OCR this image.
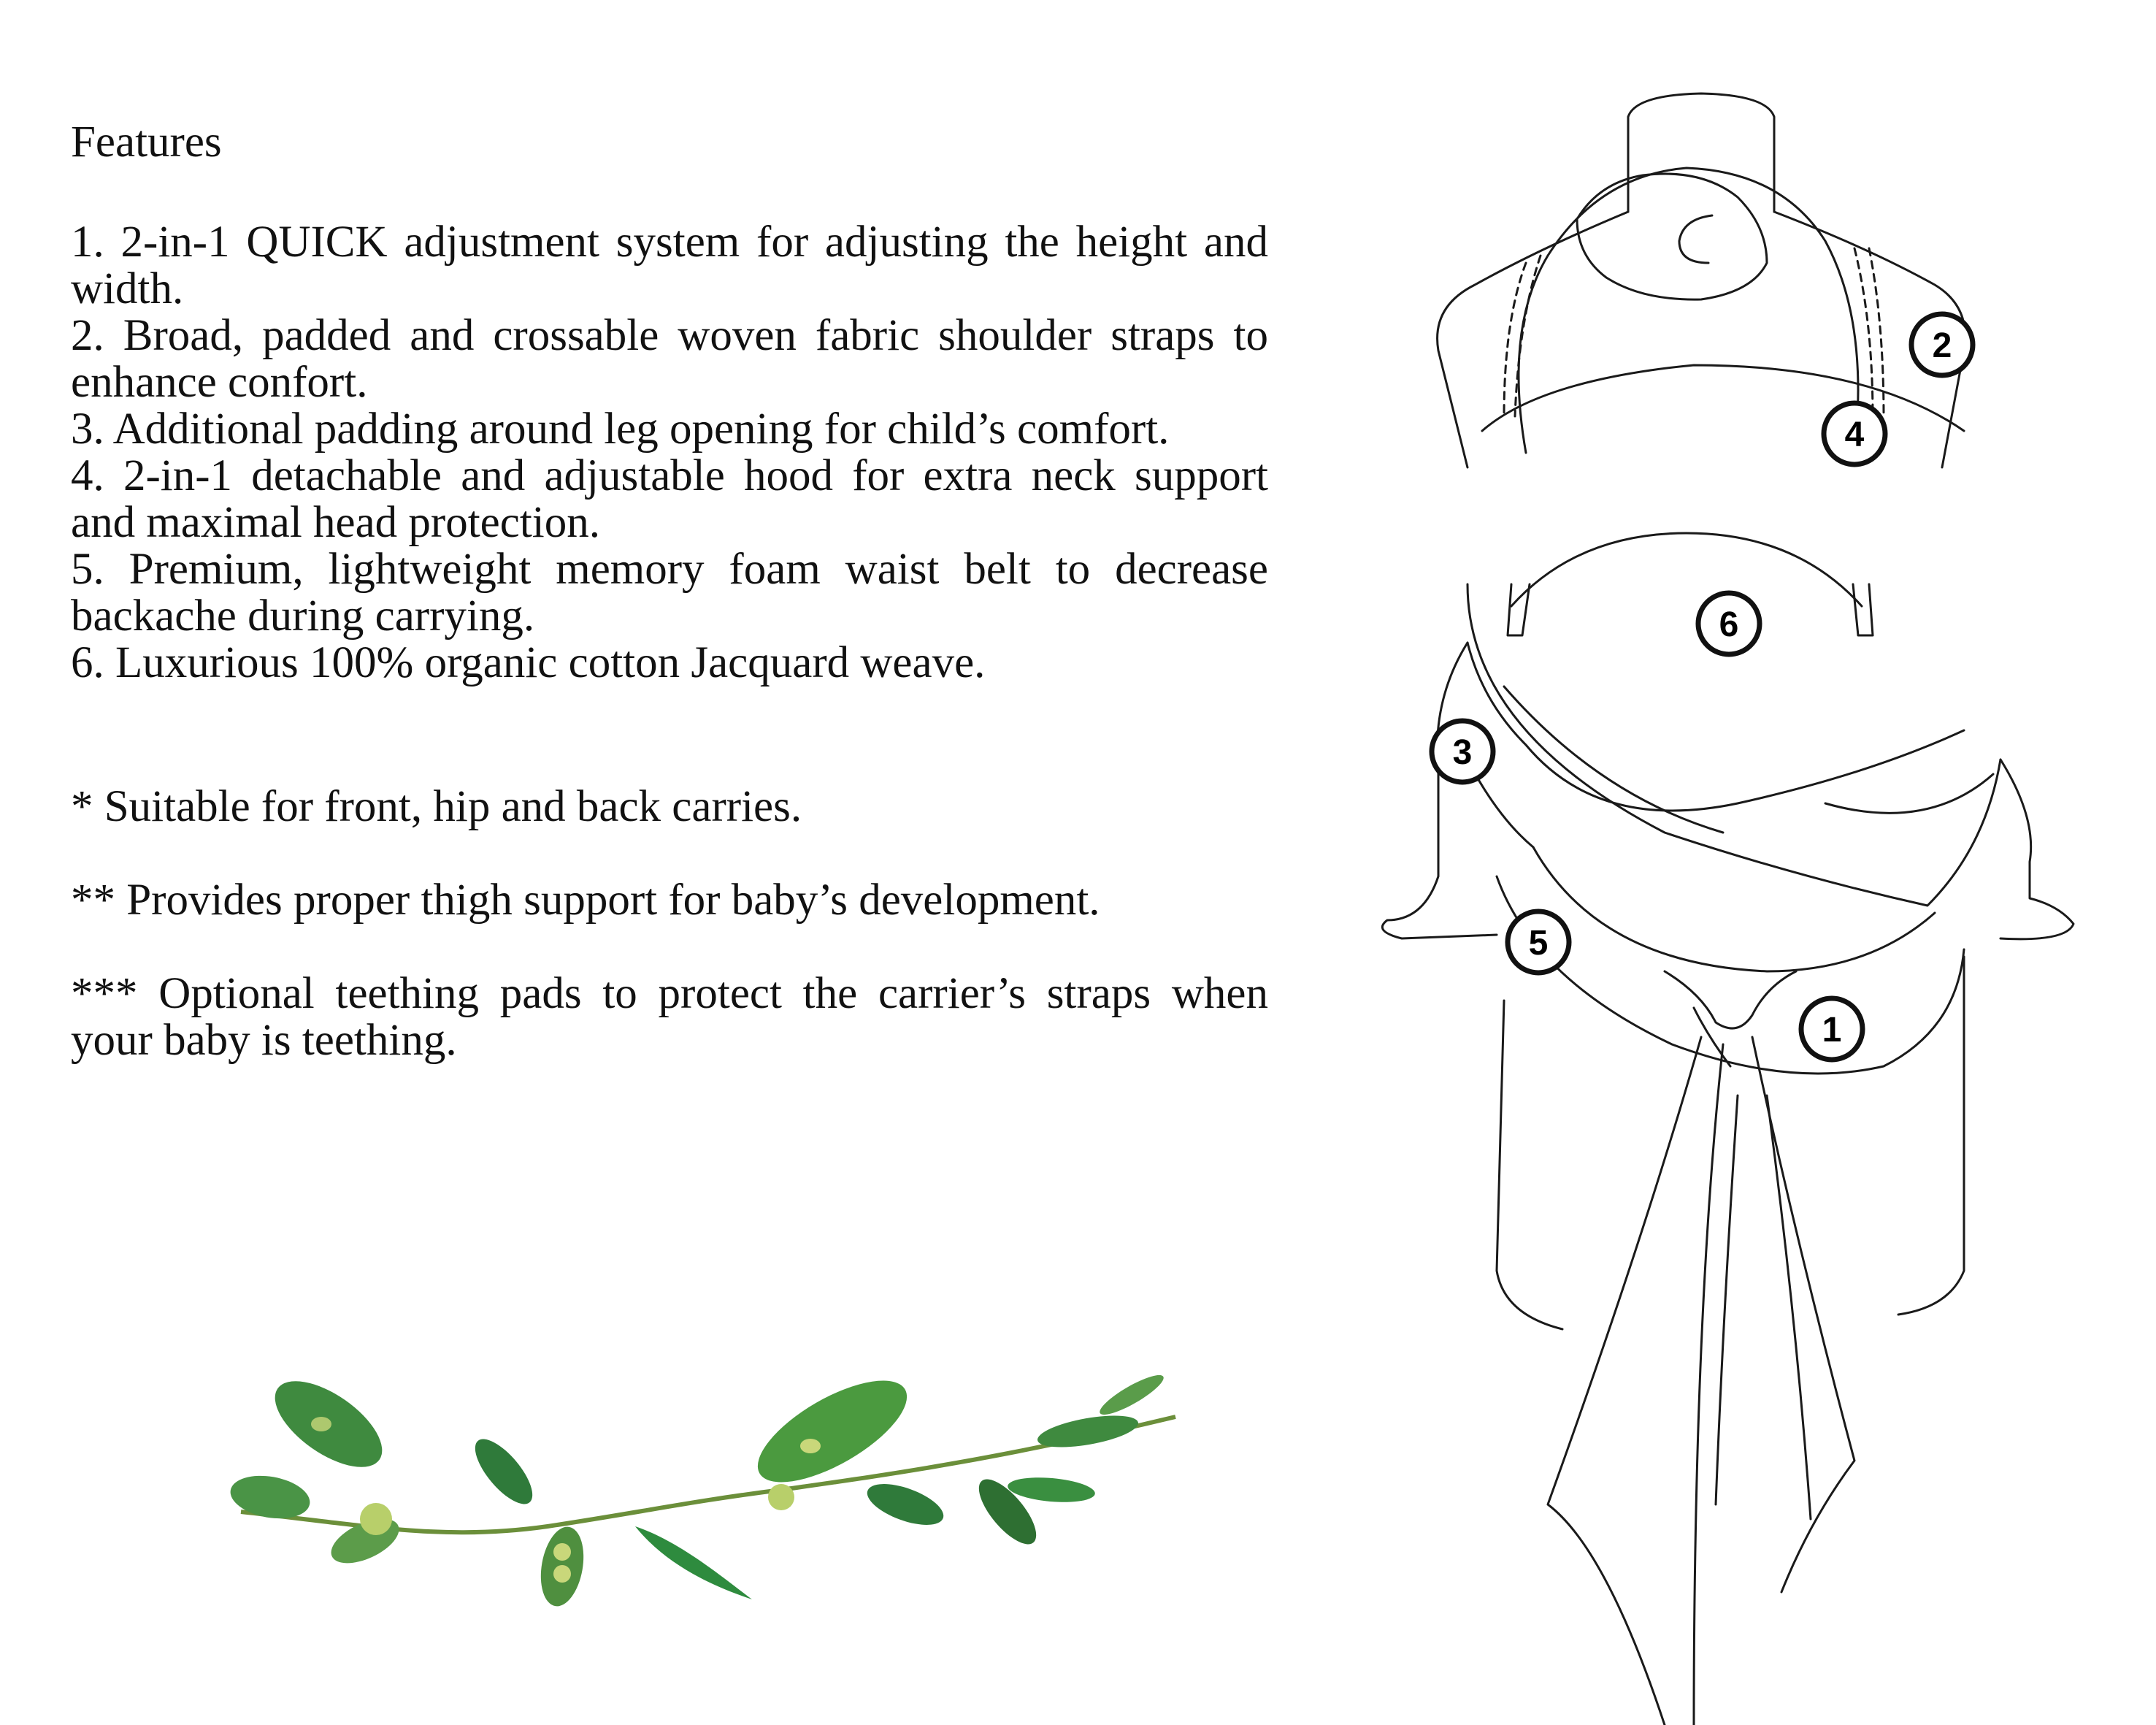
Features

1. 2-in-1 QUICK adjustment system for adjusting the height and width.

2. Broad, padded and crossable woven fabric shoulder straps to enhance confort.

3. Additional padding around leg opening for child’s comfort.

4. 2-in-1 detachable and adjustable hood for extra neck support and maximal head protection.

5. Premium, lightweight memory foam waist belt to decrease backache during carrying.

6. Luxurious 100% organic cotton Jacquard weave.

* Suitable for front, hip and back carries.

** Provides proper thigh support for baby’s development.

*** Optional teething pads to protect the carrier’s straps when your baby is teething.

2
4
6
3
5
1
